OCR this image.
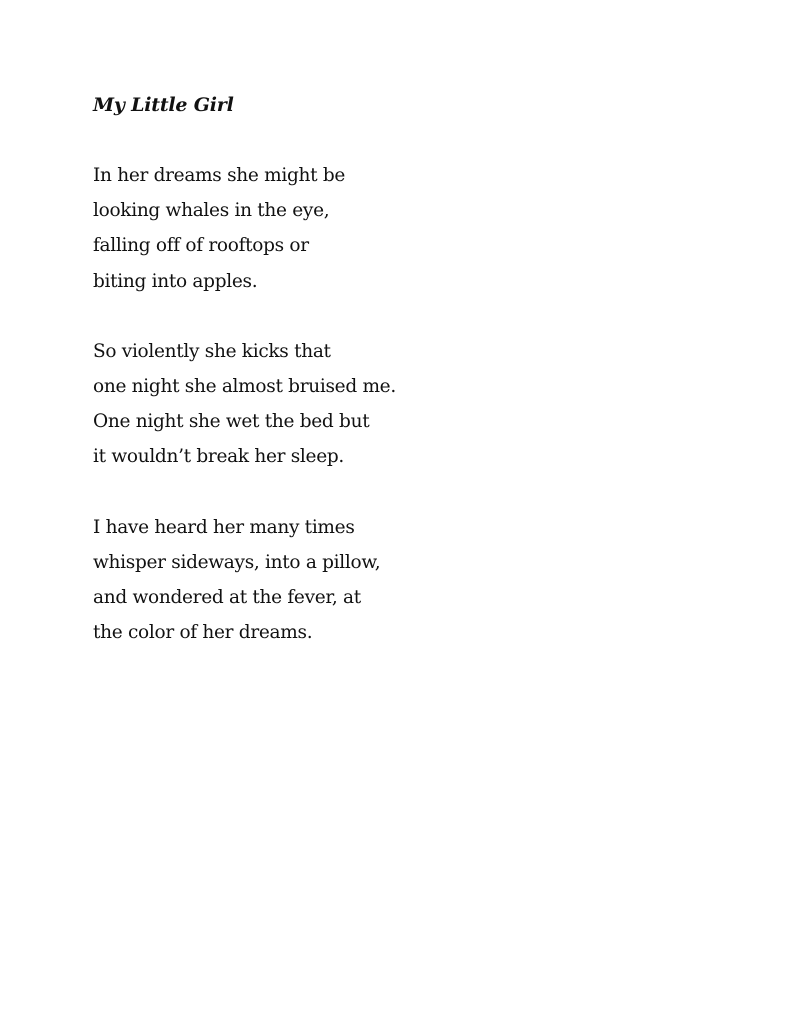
My Little Girl
In her dreams she might be
looking whales in the eye,
falling off of rooftops or
biting into apples.
So violently she kicks that
one night she almost bruised me.
One night she wet the bed but
it wouldn’t break her sleep.
I have heard her many times
whisper sideways, into a pillow,
and wondered at the fever, at
the color of her dreams.
